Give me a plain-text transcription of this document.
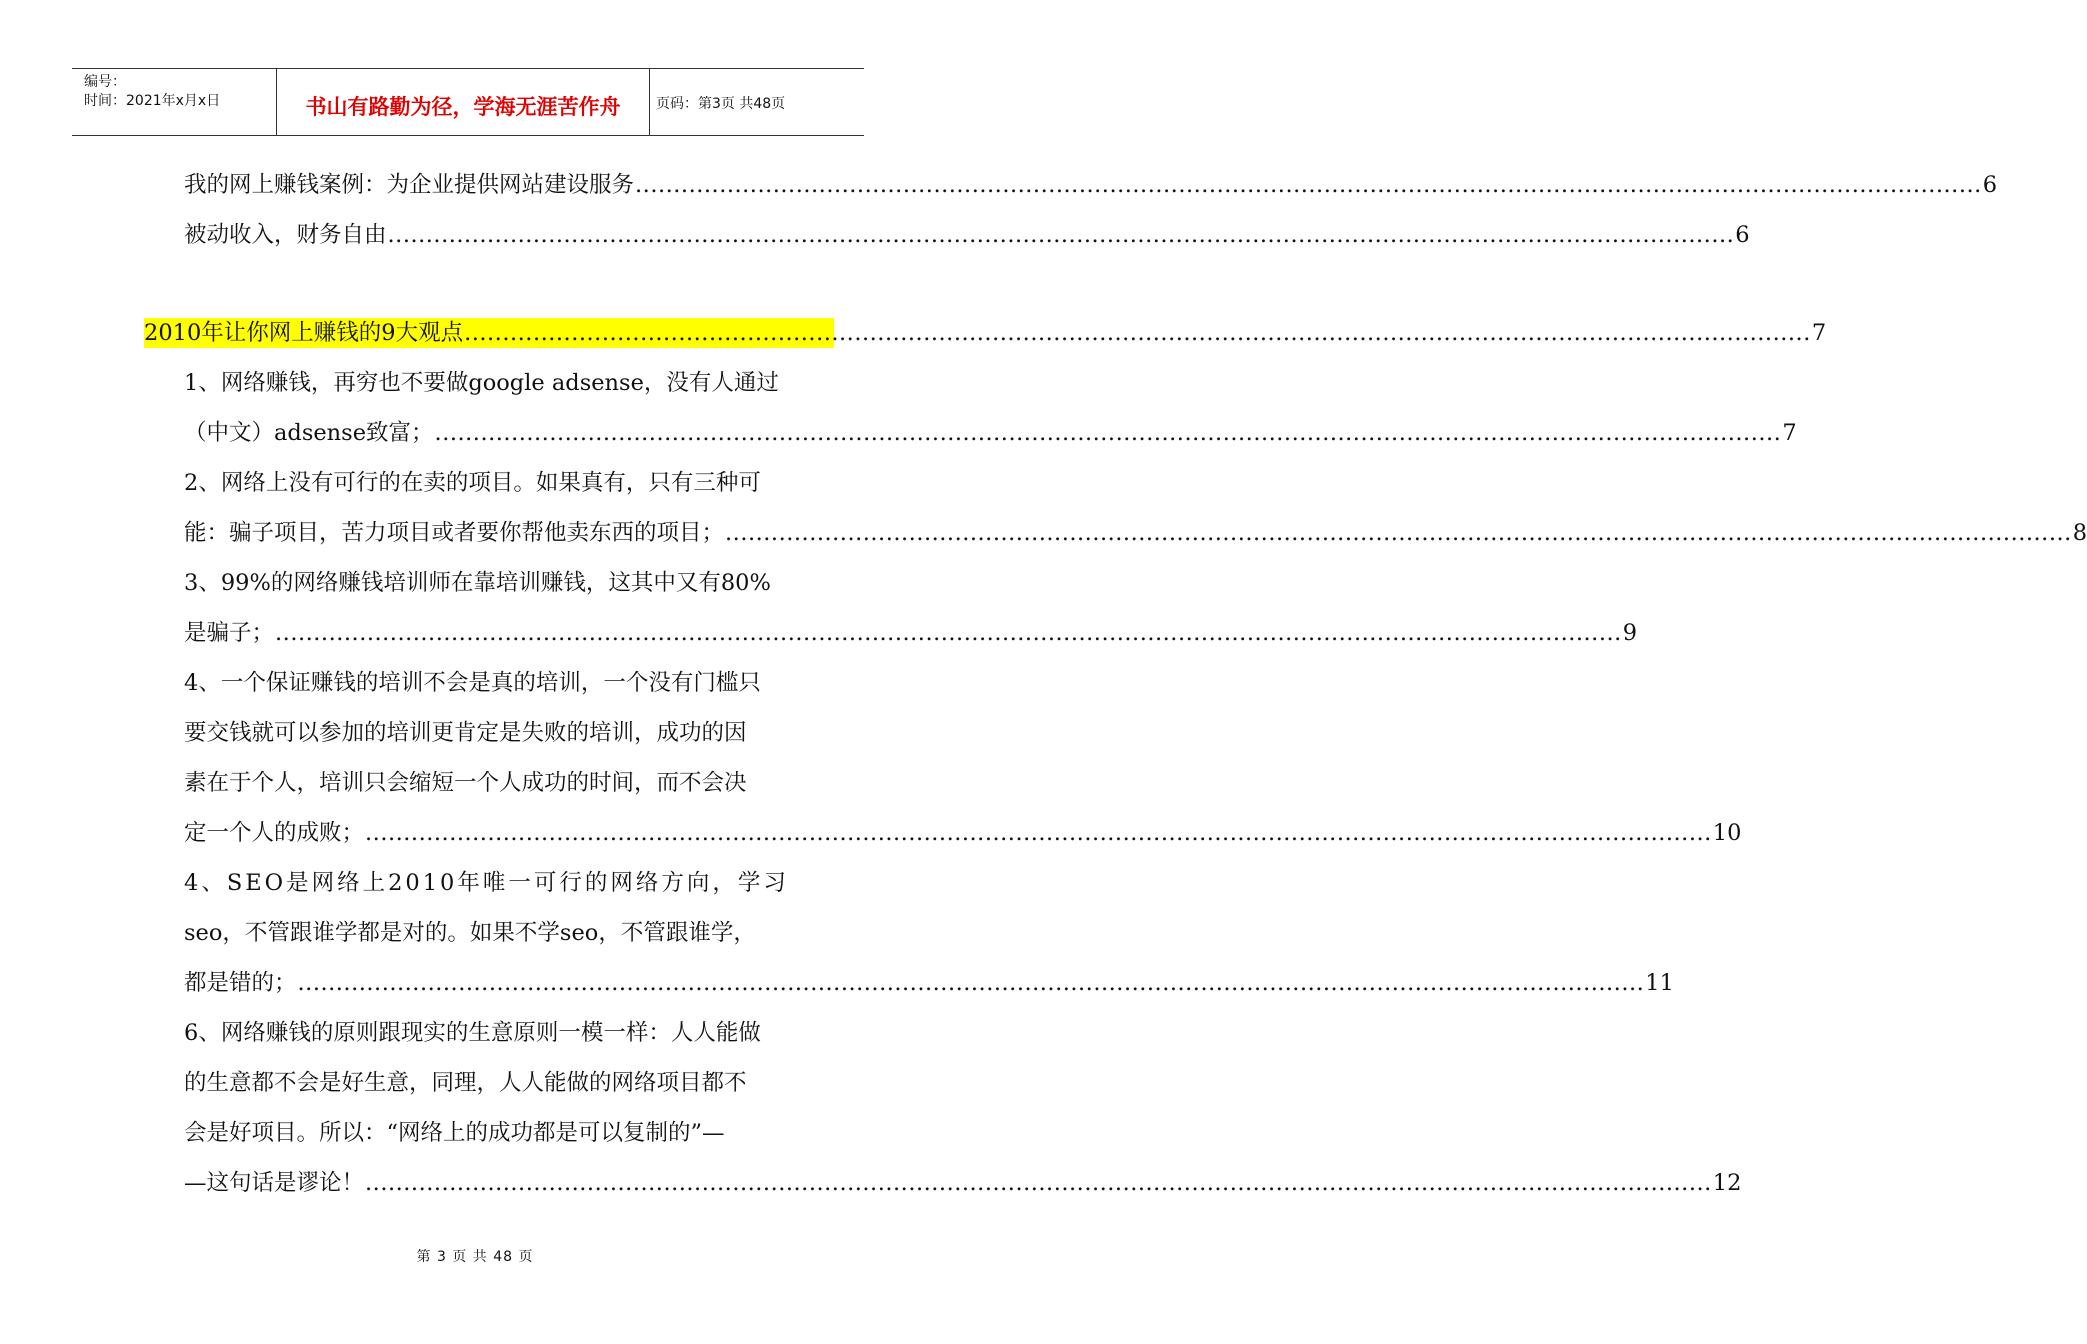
编号：
时间：2021年x月x日	书山有路勤为径，学海无涯苦作舟	页码：第3页 共48页
我的网上赚钱案例：为企业提供网站建设服务 .....	6
被动收入，财务自由 .....	6
2010年让你网上赚钱的9大观点 .....	7
1、网络赚钱，再穷也不要做google adsense，没有人通过
（中文）adsense致富； .....	7
2、网络上没有可行的在卖的项目。如果真有，只有三种可
能：骗子项目，苦力项目或者要你帮他卖东西的项目； .....	8
3、99%的网络赚钱培训师在靠培训赚钱，这其中又有80%
是骗子； .....	9
4、一个保证赚钱的培训不会是真的培训，一个没有门槛只
要交钱就可以参加的培训更肯定是失败的培训，成功的因
素在于个人，培训只会缩短一个人成功的时间，而不会决
定一个人的成败； .....	10
4、SEO是网络上2010年唯一可行的网络方向，学习
seo，不管跟谁学都是对的。如果不学seo，不管跟谁学，
都是错的； .....	11
6、网络赚钱的原则跟现实的生意原则一模一样：人人能做
的生意都不会是好生意，同理，人人能做的网络项目都不
会是好项目。所以：“网络上的成功都是可以复制的”—
—这句话是谬论！ .....	12
第 3 页 共 48 页
